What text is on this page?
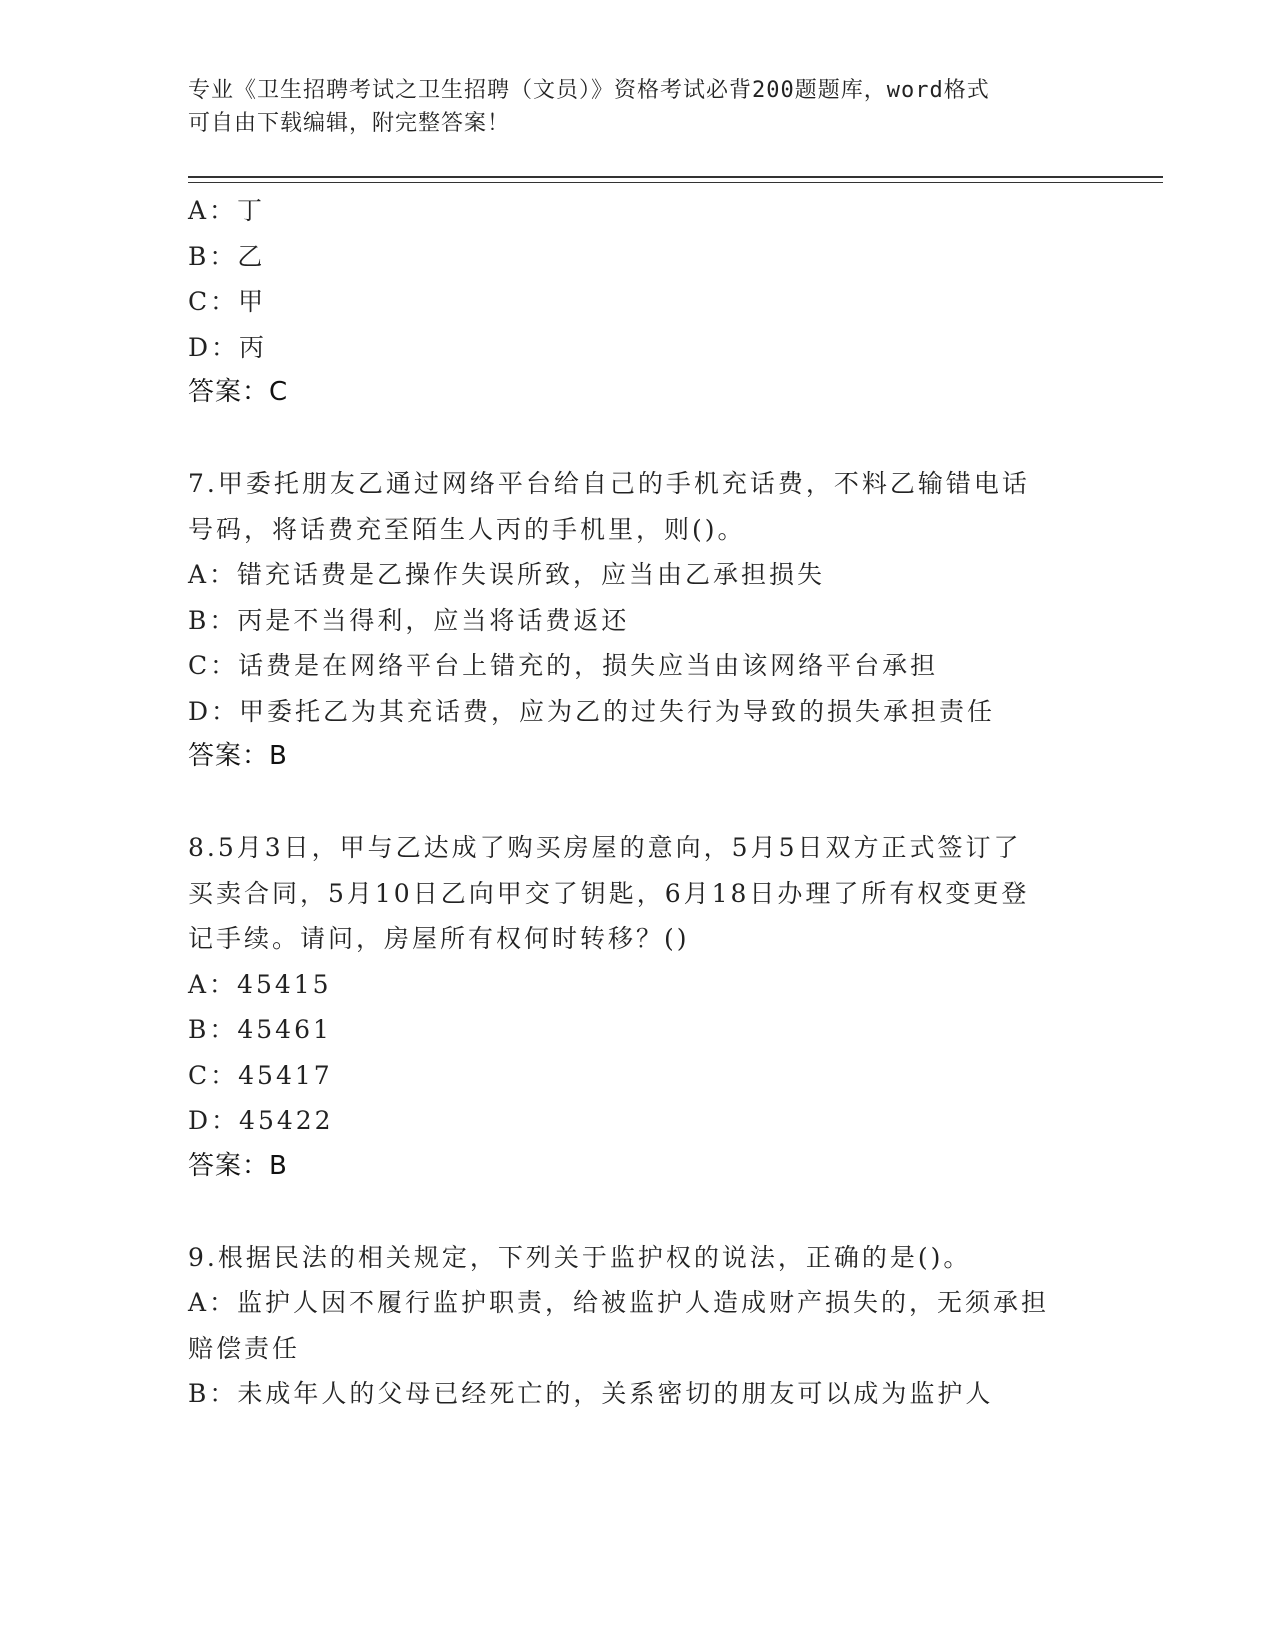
专业《卫生招聘考试之卫生招聘（文员）》资格考试必背200题题库，word格式
可自由下载编辑，附完整答案！
A：丁
B：乙
C：甲
D：丙
答案：C
7.甲委托朋友乙通过网络平台给自己的手机充话费，不料乙输错电话
号码，将话费充至陌生人丙的手机里，则()。
A：错充话费是乙操作失误所致，应当由乙承担损失
B：丙是不当得利，应当将话费返还
C：话费是在网络平台上错充的，损失应当由该网络平台承担
D：甲委托乙为其充话费，应为乙的过失行为导致的损失承担责任
答案：B
8.5月3日，甲与乙达成了购买房屋的意向，5月5日双方正式签订了
买卖合同，5月10日乙向甲交了钥匙，6月18日办理了所有权变更登
记手续。请问，房屋所有权何时转移？()
A：45415
B：45461
C：45417
D：45422
答案：B
9.根据民法的相关规定，下列关于监护权的说法，正确的是()。
A：监护人因不履行监护职责，给被监护人造成财产损失的，无须承担
赔偿责任
B：未成年人的父母已经死亡的，关系密切的朋友可以成为监护人
